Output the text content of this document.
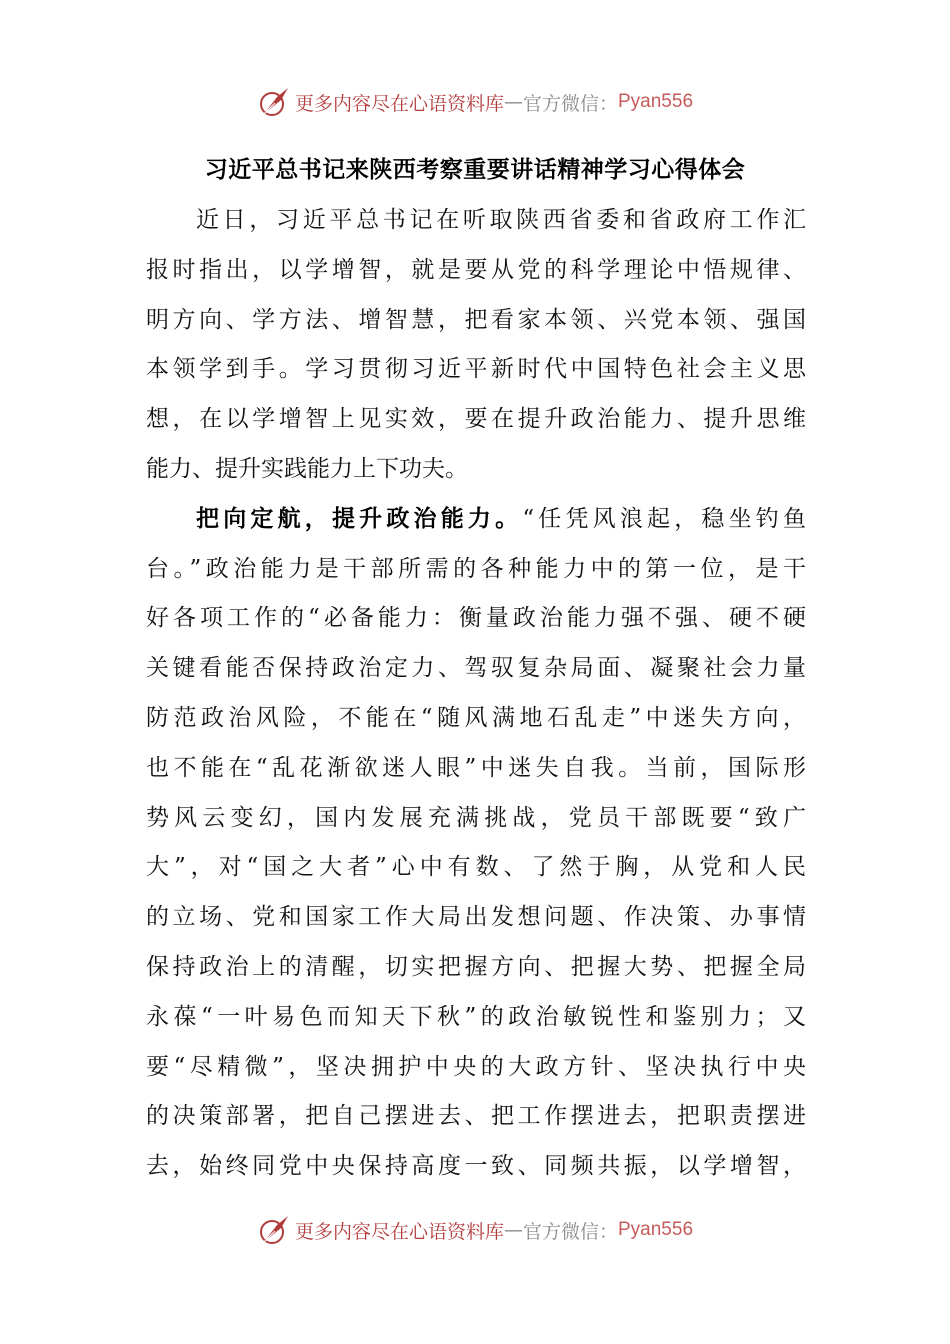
更多内容尽在心语资料库 — 官方微信： Pyan556
习近平总书记来陕西考察重要讲话精神学习心得体会
近日，习近平总书记在听取陕西省委和省政府工作汇
报时指出，以学增智，就是要从党的科学理论中悟规律、
明方向、学方法、增智慧，把看家本领、兴党本领、强国
本领学到手。学习贯彻习近平新时代中国特色社会主义思
想，在以学增智上见实效，要在提升政治能力、提升思维
能力、提升实践能力上下功夫。
把向定航，提升政治能力。“任凭风浪起，稳坐钓鱼
台。”政治能力是干部所需的各种能力中的第一位，是干
好各项工作的“必备能力：衡量政治能力强不强、硬不硬
关键看能否保持政治定力、驾驭复杂局面、凝聚社会力量
防范政治风险，不能在“随风满地石乱走”中迷失方向，
也不能在“乱花渐欲迷人眼”中迷失自我。当前，国际形
势风云变幻，国内发展充满挑战，党员干部既要“致广
大”，对“国之大者”心中有数、了然于胸，从党和人民
的立场、党和国家工作大局出发想问题、作决策、办事情
保持政治上的清醒，切实把握方向、把握大势、把握全局
永葆“一叶易色而知天下秋”的政治敏锐性和鉴别力；又
要“尽精微”，坚决拥护中央的大政方针、坚决执行中央
的决策部署，把自己摆进去、把工作摆进去，把职责摆进
去，始终同党中央保持高度一致、同频共振，以学增智，
更多内容尽在心语资料库 — 官方微信： Pyan556
